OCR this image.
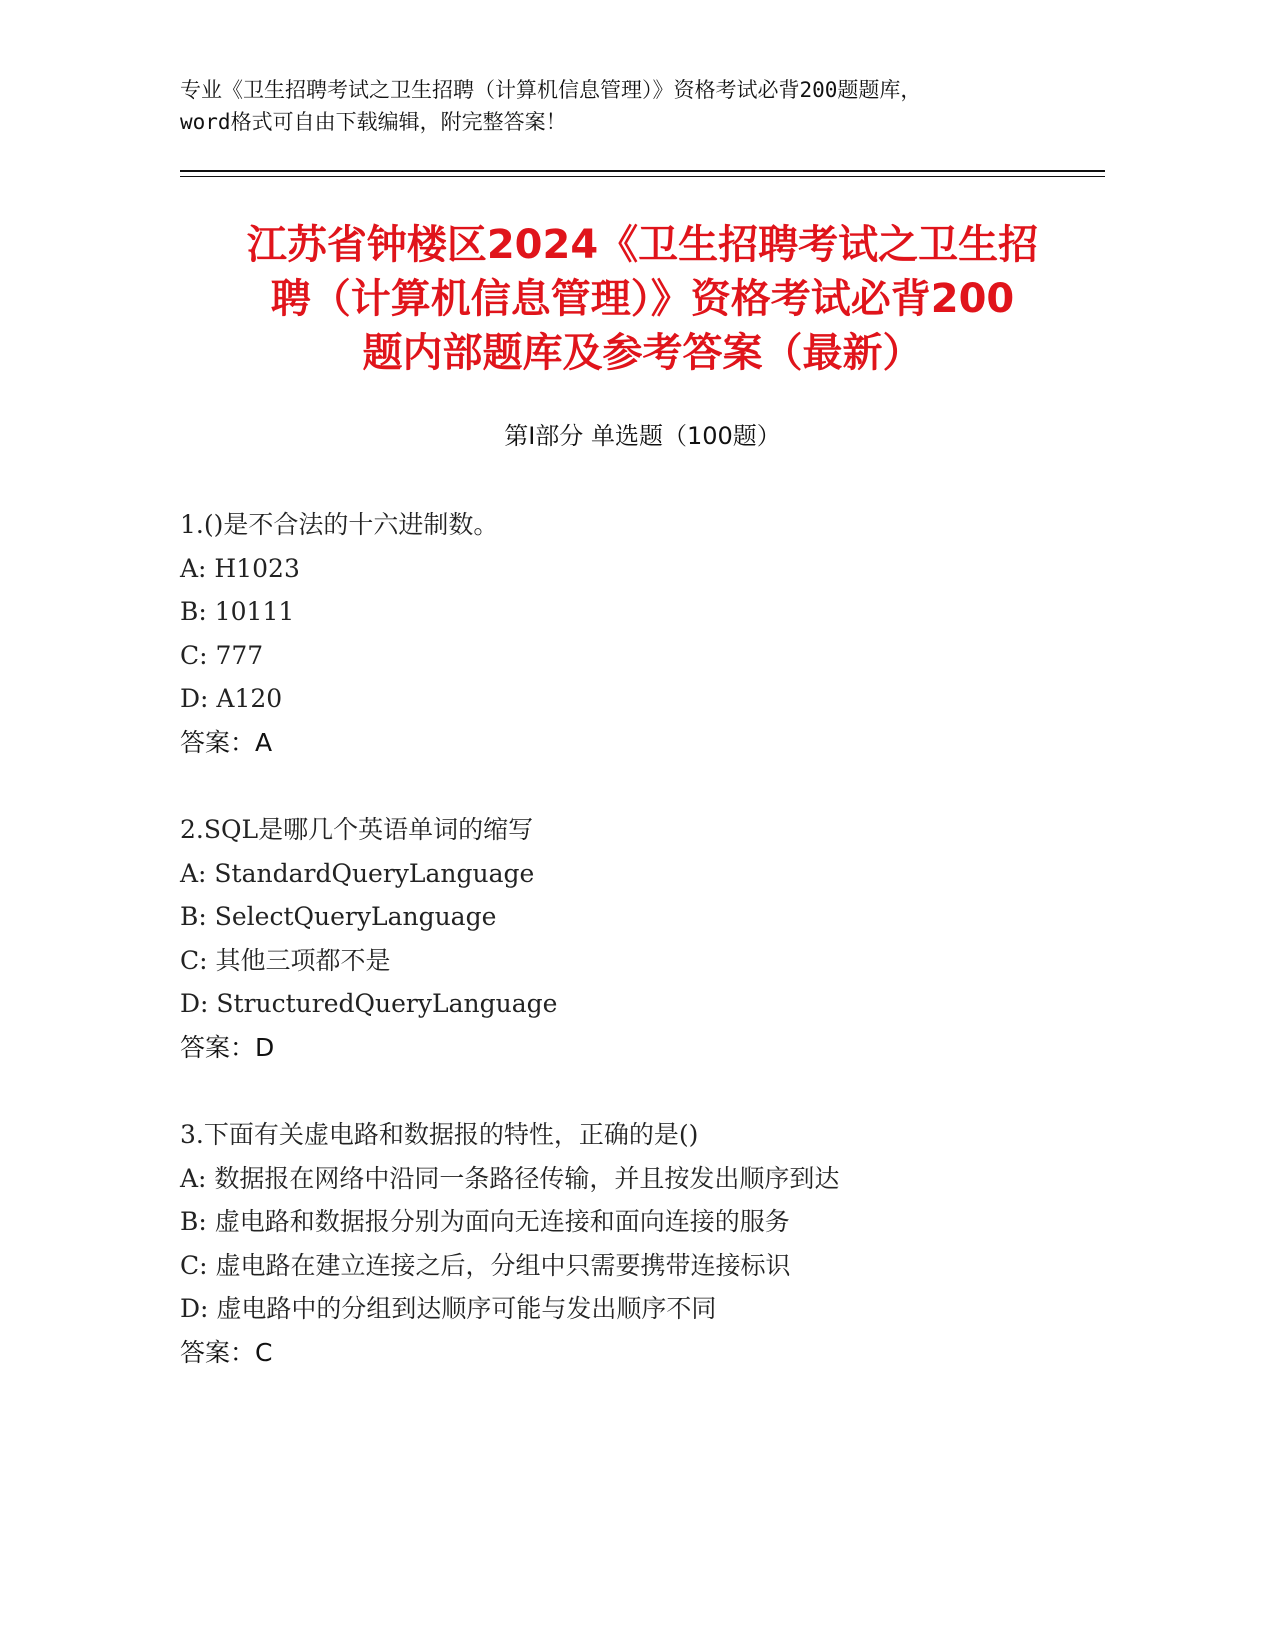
专业《卫生招聘考试之卫生招聘（计算机信息管理）》资格考试必背200题题库，
word格式可自由下载编辑，附完整答案！
江苏省钟楼区2024《卫生招聘考试之卫生招
聘（计算机信息管理）》资格考试必背200
题内部题库及参考答案（最新）
第I部分 单选题（100题）
1.()是不合法的十六进制数。
A: H1023
B: 10111
C: 777
D: A120
答案：A
2.SQL是哪几个英语单词的缩写
A: StandardQueryLanguage
B: SelectQueryLanguage
C: 其他三项都不是
D: StructuredQueryLanguage
答案：D
3.下面有关虚电路和数据报的特性，正确的是()
A: 数据报在网络中沿同一条路径传输，并且按发出顺序到达
B: 虚电路和数据报分别为面向无连接和面向连接的服务
C: 虚电路在建立连接之后，分组中只需要携带连接标识
D: 虚电路中的分组到达顺序可能与发出顺序不同
答案：C
